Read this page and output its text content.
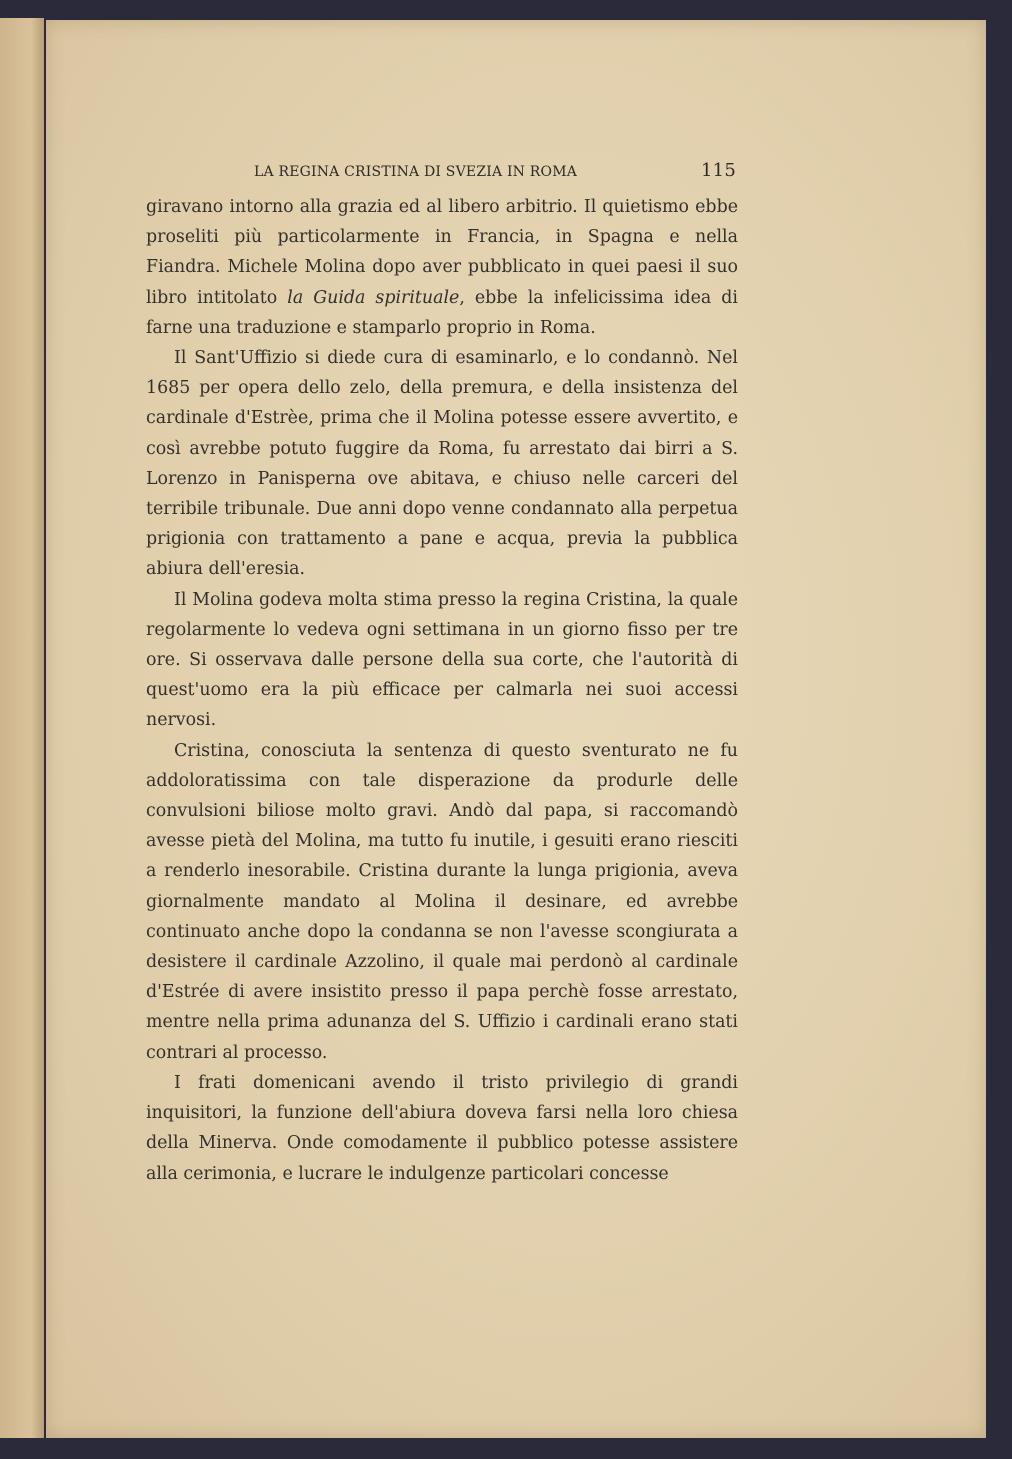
LA REGINA CRISTINA DI SVEZIA IN ROMA	115

giravano intorno alla grazia ed al libero arbitrio. Il quietismo ebbe proseliti più particolarmente in Francia, in Spagna e nella Fiandra. Michele Molina dopo aver pubblicato in quei paesi il suo libro intitolato la Guida spirituale, ebbe la infelicissima idea di farne una traduzione e stamparlo proprio in Roma.

Il Sant'Uffizio si diede cura di esaminarlo, e lo condannò. Nel 1685 per opera dello zelo, della premura, e della insistenza del cardinale d'Estrèe, prima che il Molina potesse essere avvertito, e così avrebbe potuto fuggire da Roma, fu arrestato dai birri a S. Lorenzo in Panisperna ove abitava, e chiuso nelle carceri del terribile tribunale. Due anni dopo venne condannato alla perpetua prigionia con trattamento a pane e acqua, previa la pubblica abiura dell'eresia.

Il Molina godeva molta stima presso la regina Cristina, la quale regolarmente lo vedeva ogni settimana in un giorno fisso per tre ore. Si osservava dalle persone della sua corte, che l'autorità di quest'uomo era la più efficace per calmarla nei suoi accessi nervosi.

Cristina, conosciuta la sentenza di questo sventurato ne fu addoloratissima con tale disperazione da produrle delle convulsioni biliose molto gravi. Andò dal papa, si raccomandò avesse pietà del Molina, ma tutto fu inutile, i gesuiti erano riesciti a renderlo inesorabile. Cristina durante la lunga prigionia, aveva giornalmente mandato al Molina il desinare, ed avrebbe continuato anche dopo la condanna se non l'avesse scongiurata a desistere il cardinale Azzolino, il quale mai perdonò al cardinale d'Estrée di avere insistito presso il papa perchè fosse arrestato, mentre nella prima adunanza del S. Uffizio i cardinali erano stati contrari al processo.

I frati domenicani avendo il tristo privilegio di grandi inquisitori, la funzione dell'abiura doveva farsi nella loro chiesa della Minerva. Onde comodamente il pubblico potesse assistere alla cerimonia, e lucrare le indulgenze particolari concesse
